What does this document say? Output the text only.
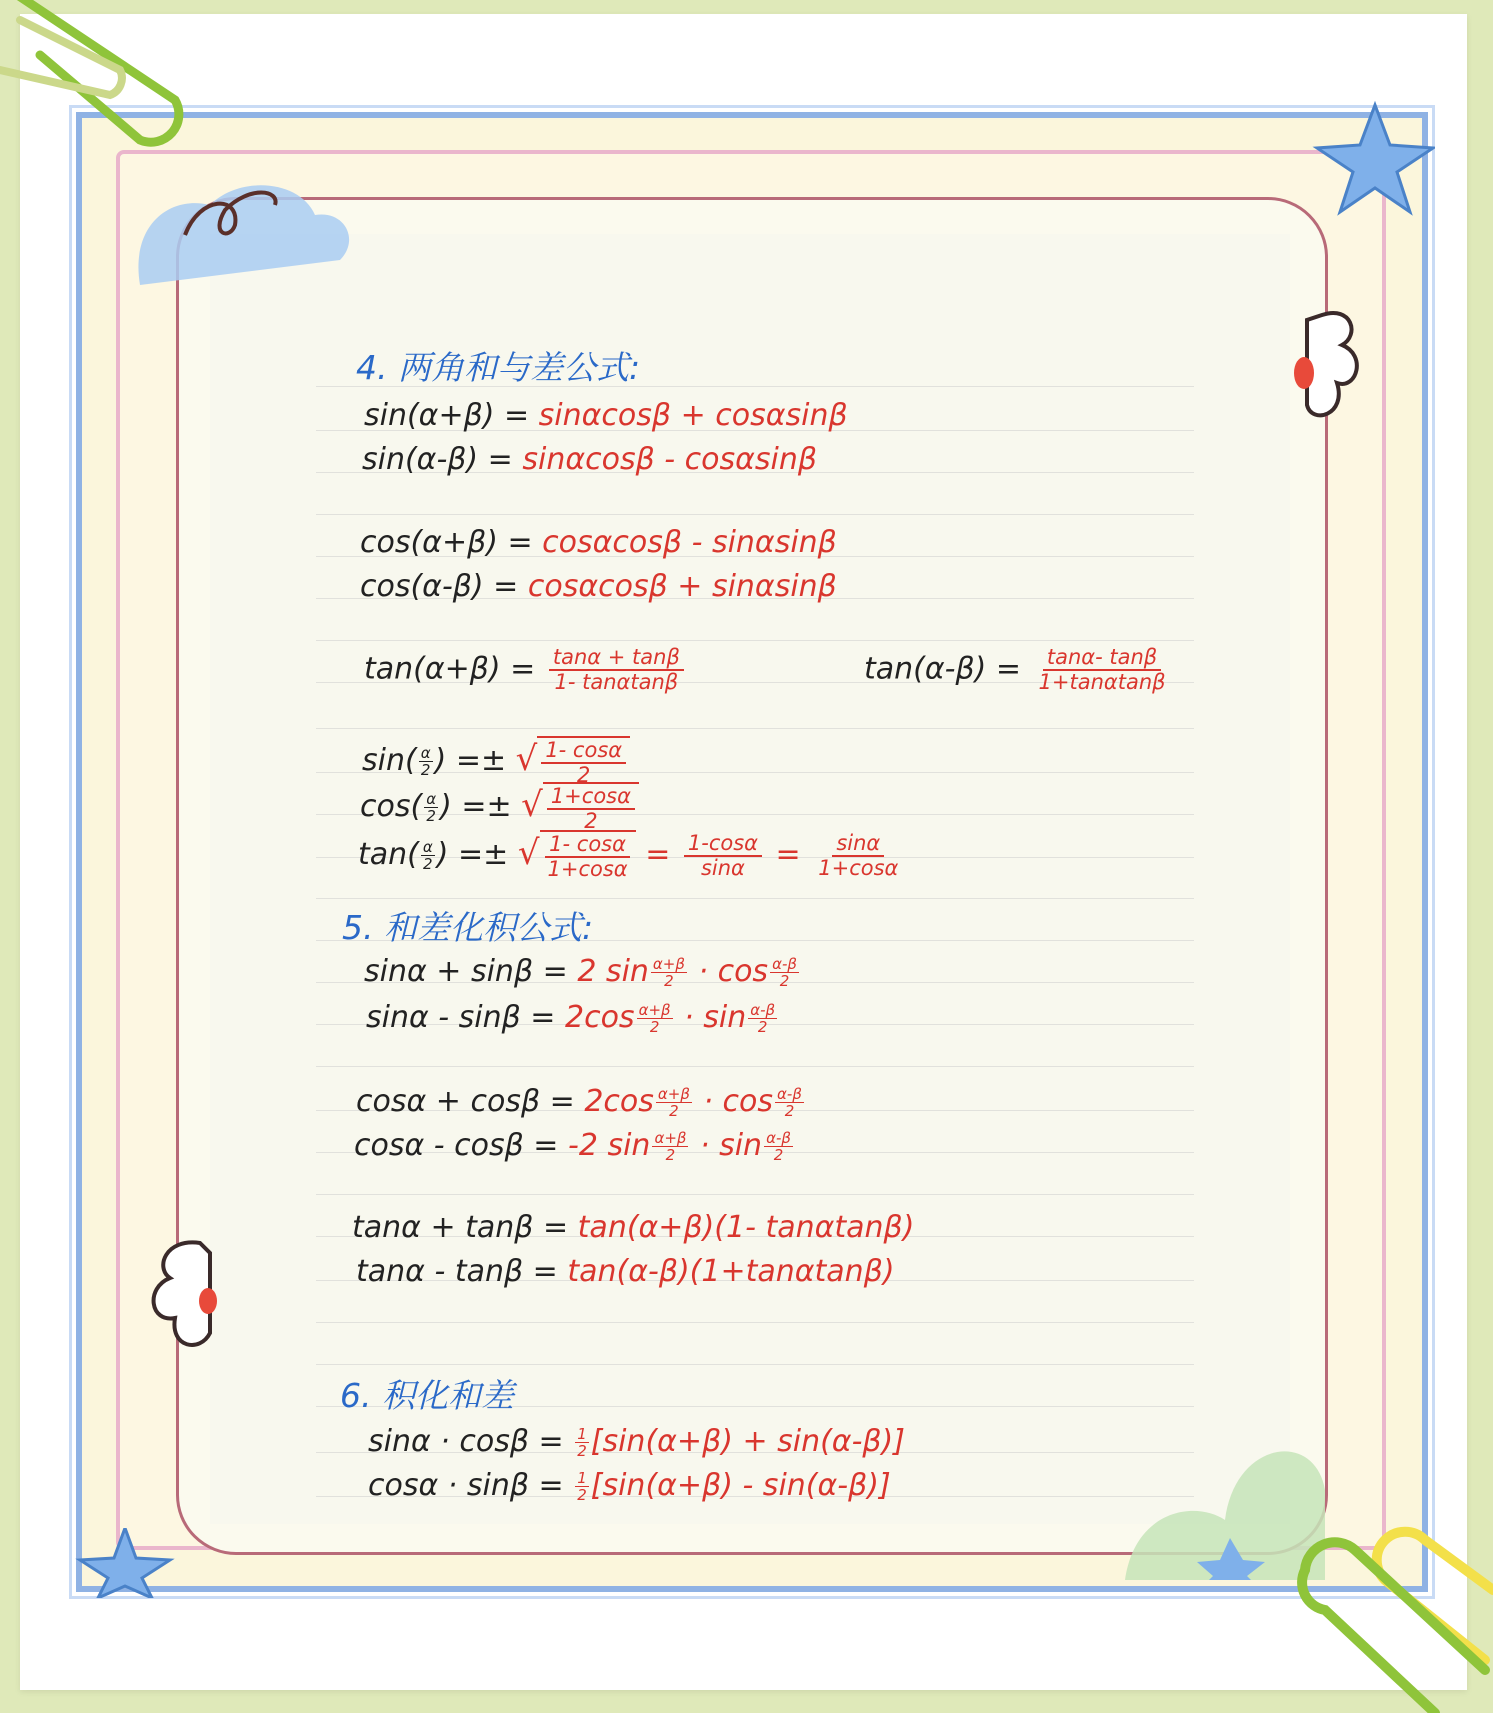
4. 两角和与差公式:
sin(α+β) = sinαcosβ + cosαsinβ
sin(α-β) = sinαcosβ - cosαsinβ
cos(α+β) = cosαcosβ - sinαsinβ
cos(α-β) = cosαcosβ + sinαsinβ
$\tan(\alpha+\beta) = \frac{\tan\alpha + \tan\beta}{1- \tan\alpha\tan\beta}$	$\tan(\alpha-\beta) = \frac{\tan\alpha- \tan\beta}{1+\tan\alpha\tan\beta}$
$\sin( \frac{\alpha}{2}$ ) =± √ $\frac{1- \cos\alpha}{2}$
$\cos( \frac{\alpha}{2}$ ) =± √ $\frac{1+\cos\alpha}{2}$
$\tan( \frac{\alpha}{2}$ ) =± √ $\frac{1- \cos\alpha}{1+\cos\alpha} = \frac{1-\cos\alpha}{\sin\alpha} = \frac{\sin\alpha}{1+\cos\alpha}$
5. 和差化积公式:
sinα + sinβ = 2 $\sin \frac{\alpha+\beta}{2} \cdot \cos \frac{\alpha-\beta}{2}$
$\sin\alpha - \sin\beta = 2\cos \frac{\alpha+\beta}{2} \cdot \sin \frac{\alpha-\beta}{2}$
$\cos\alpha + \cos\beta = 2\cos \frac{\alpha+\beta}{2} \cdot \cos \frac{\alpha-\beta}{2}$
cosα - cosβ = -2 $\sin \frac{\alpha+\beta}{2} \cdot \sin \frac{\alpha-\beta}{2}$
tanα + tanβ = tan(α+β)(1- tanαtanβ)
tanα - tanβ = tan(α-β)(1+tanαtanβ)
6. 积化和差
$\sin\alpha \cdot \cos\beta = \frac{1}{2} [\sin(\alpha+\beta) + \sin(\alpha-\beta)]$
$\cos\alpha \cdot \sin\beta = \frac{1}{2} [\sin(\alpha+\beta) - \sin(\alpha-\beta)]$
